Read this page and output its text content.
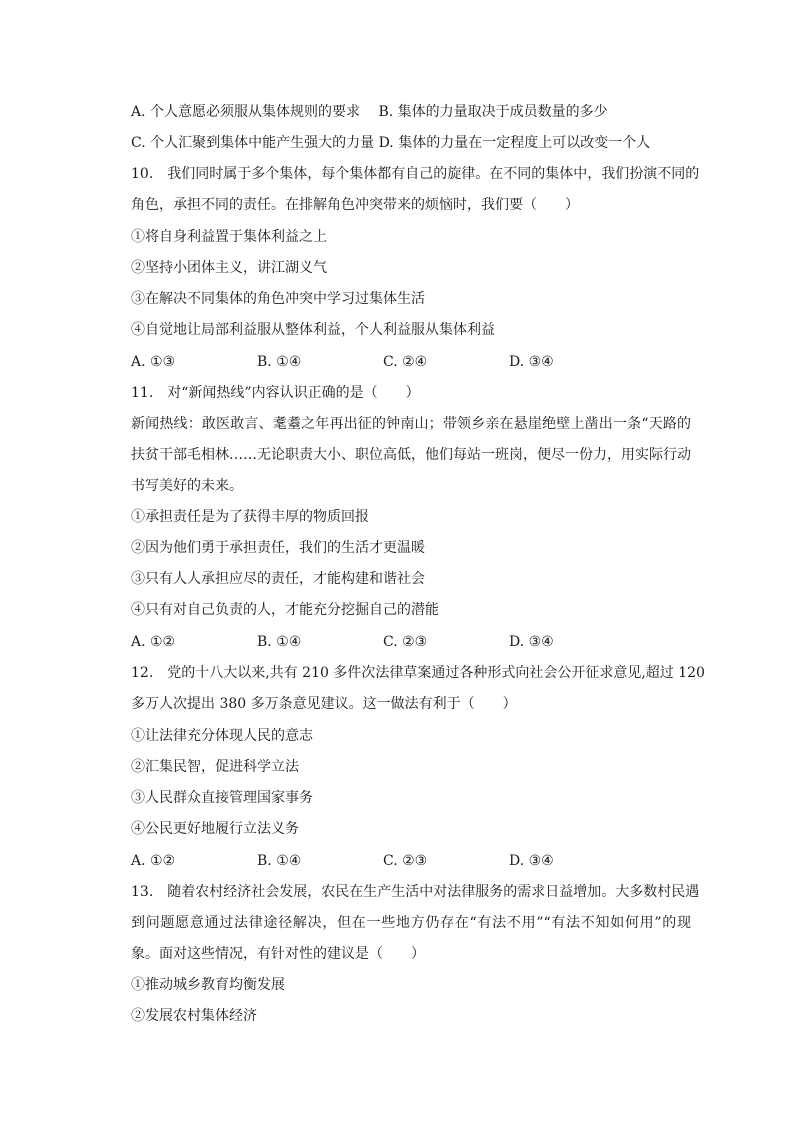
A. 个人意愿必须服从集体规则的要求　 B. 集体的力量取决于成员数量的多少
C. 个人汇聚到集体中能产生强大的力量 D. 集体的力量在一定程度上可以改变一个人
10.　我们同时属于多个集体，每个集体都有自己的旋律。在不同的集体中，我们扮演不同的
角色，承担不同的责任。在排解角色冲突带来的烦恼时，我们要（　　）
①将自身利益置于集体利益之上
②坚持小团体主义，讲江湖义气
③在解决不同集体的角色冲突中学习过集体生活
④自觉地让局部利益服从整体利益，个人利益服从集体利益
A. ①③	B. ①④	C. ②④	D. ③④
11.　对“新闻热线”内容认识正确的是（　　）
新闻热线：敢医敢言、耄耋之年再出征的钟南山；带领乡亲在悬崖绝壁上凿出一条“天路的
扶贫干部毛相林……无论职责大小、职位高低，他们每站一班岗，便尽一份力，用实际行动
书写美好的未来。
①承担责任是为了获得丰厚的物质回报
②因为他们勇于承担责任，我们的生活才更温暖
③只有人人承担应尽的责任，才能构建和谐社会
④只有对自己负责的人，才能充分挖掘自己的潜能
A. ①②	B. ①④	C. ②③	D. ③④
12.　党的十八大以来,共有 210 多件次法律草案通过各种形式向社会公开征求意见,超过 120
多万人次提出 380 多万条意见建议。这一做法有利于（　　）
①让法律充分体现人民的意志
②汇集民智，促进科学立法
③人民群众直接管理国家事务
④公民更好地履行立法义务
A. ①②	B. ①④	C. ②③	D. ③④
13.　随着农村经济社会发展，农民在生产生活中对法律服务的需求日益增加。大多数村民遇
到问题愿意通过法律途径解决，但在一些地方仍存在“有法不用”“有法不知如何用”的现
象。面对这些情况，有针对性的建议是（　　）
①推动城乡教育均衡发展
②发展农村集体经济
